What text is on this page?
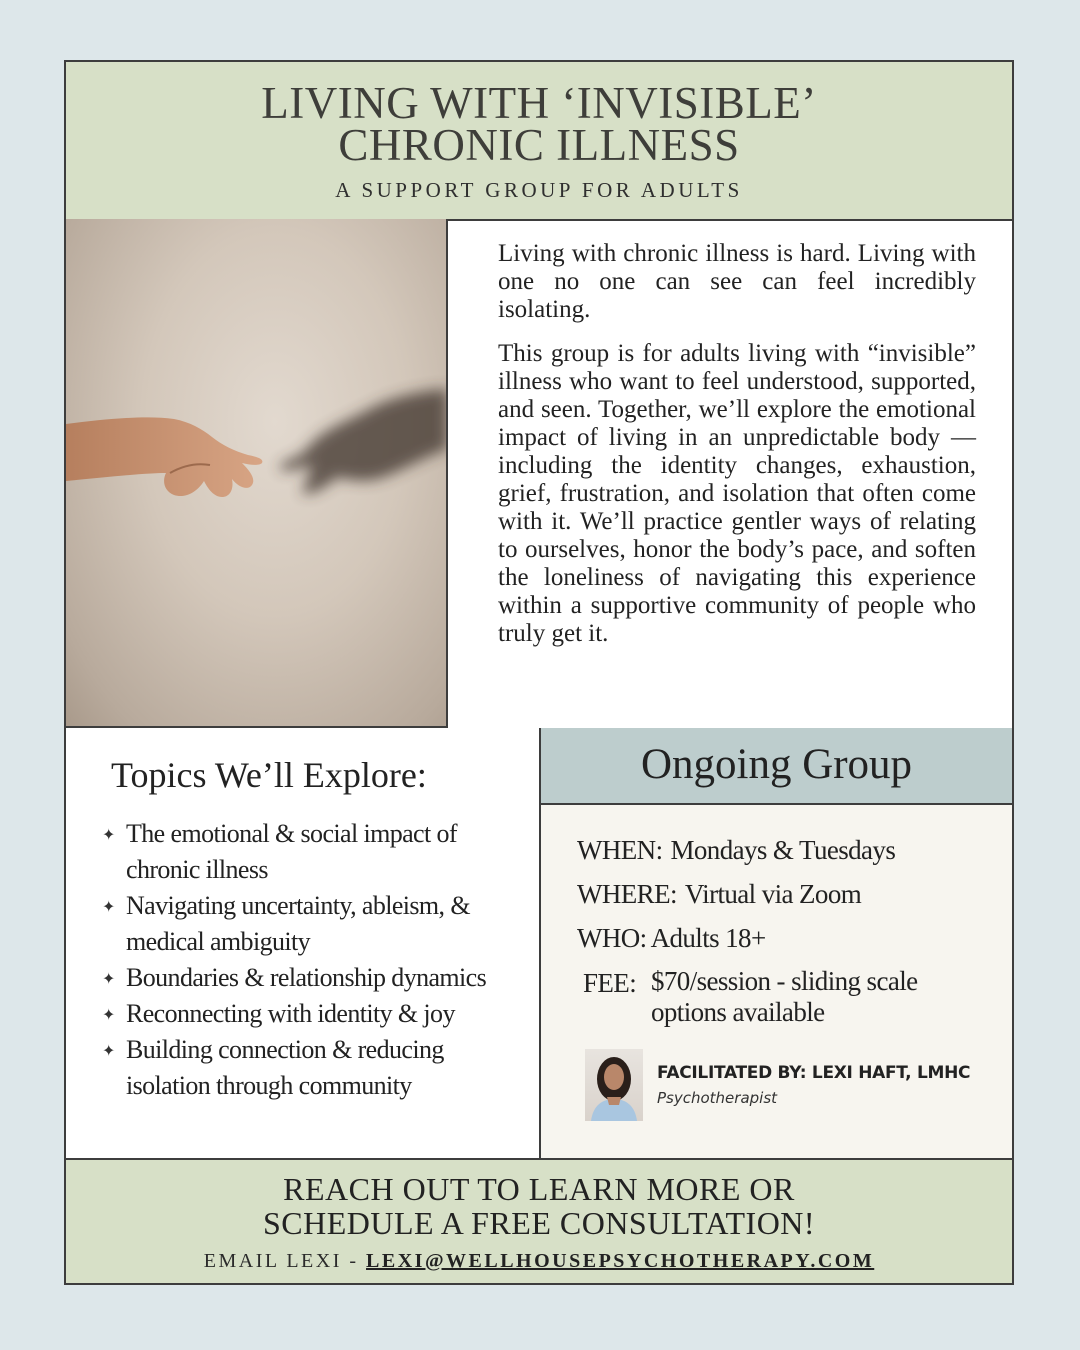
LIVING WITH ‘INVISIBLE’
CHRONIC ILLNESS
A SUPPORT GROUP FOR ADULTS

Living with chronic illness is hard. Living with one no one can see can feel incredibly isolating.

This group is for adults living with “invisible” illness who want to feel understood, supported, and seen. Together, we’ll explore the emotional impact of living in an unpredictable body — including the identity changes, exhaustion, grief, frustration, and isolation that often come with it. We’ll practice gentler ways of relating to ourselves, honor the body’s pace, and soften the loneliness of navigating this experience within a supportive community of people who truly get it.

Topics We’ll Explore:
✦ The emotional & social impact of chronic illness
✦ Navigating uncertainty, ableism, & medical ambiguity
✦ Boundaries & relationship dynamics
✦ Reconnecting with identity & joy
✦ Building connection & reducing isolation through community
Ongoing Group
WHEN: Mondays & Tuesdays
WHERE: Virtual via Zoom
WHO: Adults 18+
FEE: $70/session - sliding scale options available
FACILITATED BY: LEXI HAFT, LMHC
Psychotherapist
REACH OUT TO LEARN MORE OR
SCHEDULE A FREE CONSULTATION!
EMAIL LEXI - LEXI@WELLHOUSEPSYCHOTHERAPY.COM
